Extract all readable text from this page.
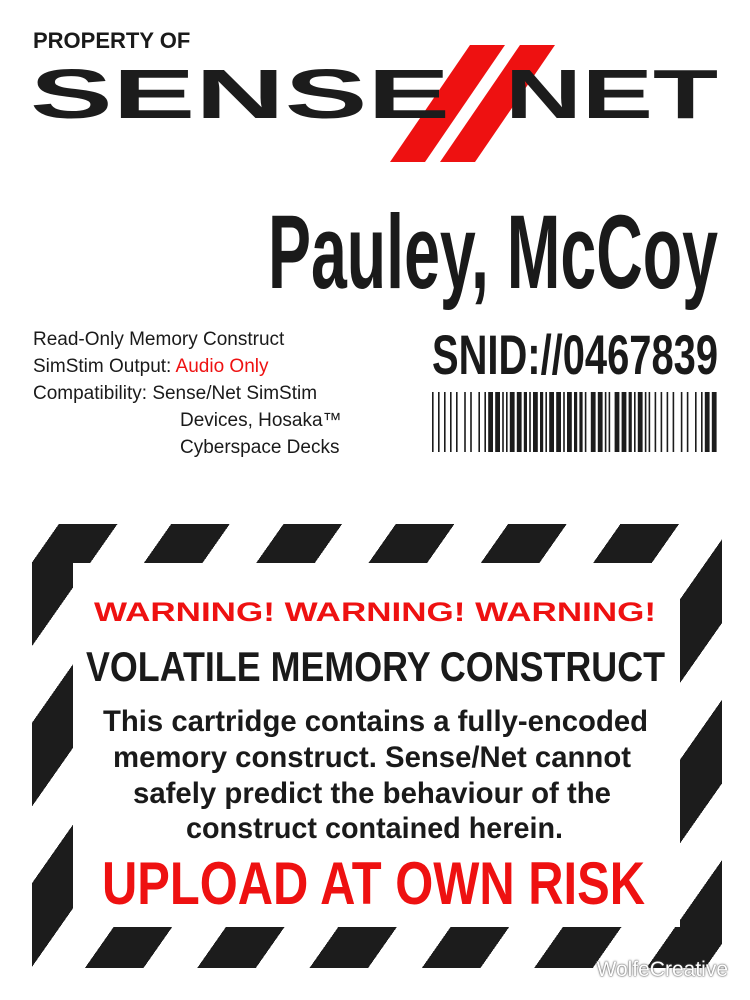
PROPERTY OF
SENSE NET
Pauley, McCoy
SNID://0467839
Read-Only Memory Construct
SimStim Output: Audio Only
Compatibility: Sense/Net SimStim
Devices, Hosaka™
Cyberspace Decks
WARNING! WARNING! WARNING!
VOLATILE MEMORY CONSTRUCT
This cartridge contains a fully-encoded
memory construct. Sense/Net cannot
safely predict the behaviour of the
construct contained herein.
UPLOAD AT OWN RISK
WolfeCreative
